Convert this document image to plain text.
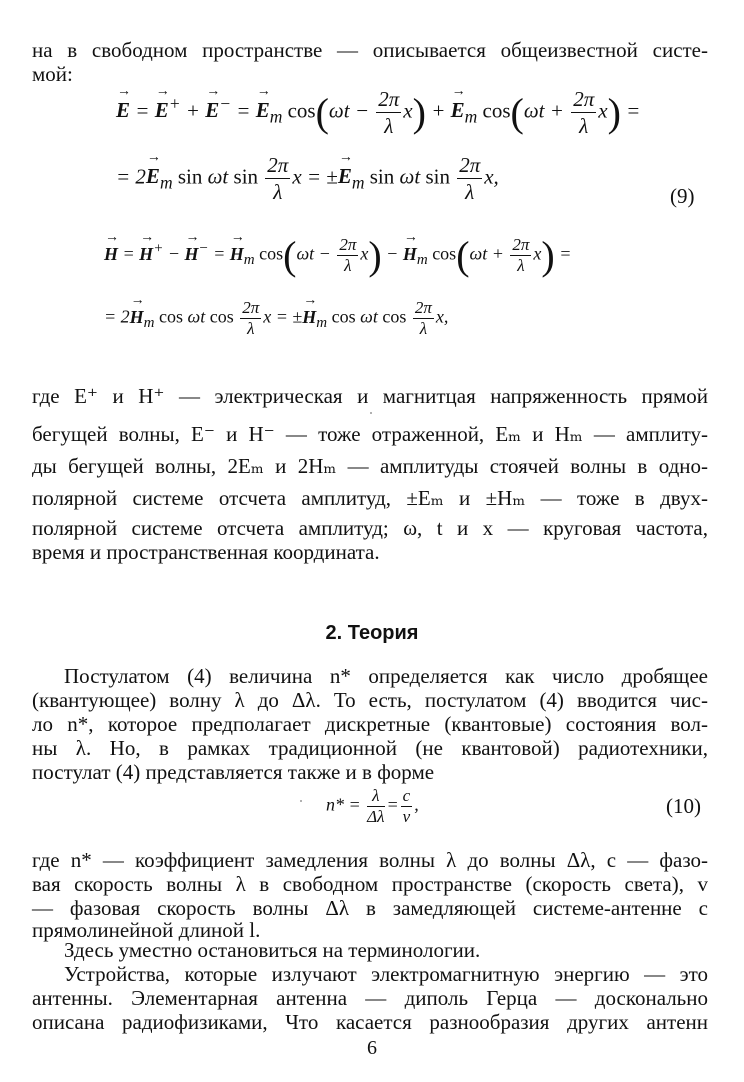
на в свободном пространстве — описывается общеизвестной систе-
мой:
E → = $E \to^+ + E \to^- = E \to_m$ $\cos(\omega t - \frac{2\pi}{\lambda} x) + E \to_m$ $\cos(\omega t + \frac{2\pi}{\lambda} x)$ =
= $2E \to_m$ sin ωt $\sin \frac{2\pi}{\lambda}$ $x = \pm E \to_m$ sin ωt $\sin \frac{2\pi}{\lambda} x$,
(9)
H → = $H \to^+ - H \to^- = H \to_m$ $\cos(\omega t - \frac{2\pi}{\lambda} x) - H \to_m$ $\cos(\omega t + \frac{2\pi}{\lambda} x)$ =
= $2H \to_m$ cos ωt $\cos \frac{2\pi}{\lambda}$ $x = \pm H \to_m$ cos ωt $\cos \frac{2\pi}{\lambda} x$,
где E⁺ и H⁺ — электрическая и магнитцая напряженность прямой
бегущей волны, E⁻ и H⁻ — тоже отраженной, Eₘ и Hₘ — амплиту-
ды бегущей волны, 2Eₘ и 2Hₘ — амплитуды стоячей волны в одно-
полярной системе отсчета амплитуд, ±Eₘ и ±Hₘ — тоже в двух-
полярной системе отсчета амплитуд; ω, t и x — круговая частота,
время и пространственная координата.
2. Теория
Постулатом (4) величина n* определяется как число дробящее
(квантующее) волну λ до Δλ. То есть, постулатом (4) вводится чис-
ло n*, которое предполагает дискретные (квантовые) состояния вол-
ны λ. Но, в рамках традиционной (не квантовой) радиотехники,
постулат (4) представляется также и в форме
$n* = \frac{\lambda}{\Delta\lambda} = \frac{c}{v}$ ,	(10)
где n* — коэффициент замедления волны λ до волны Δλ, c — фазо-
вая скорость волны λ в свободном пространстве (скорость света), v
— фазовая скорость волны Δλ в замедляющей системе-антенне с
прямолинейной длиной l.
Здесь уместно остановиться на терминологии.
Устройства, которые излучают электромагнитную энергию — это
антенны. Элементарная антенна — диполь Герца — досконально
описана радиофизиками, Что касается разнообразия других антенн
6
